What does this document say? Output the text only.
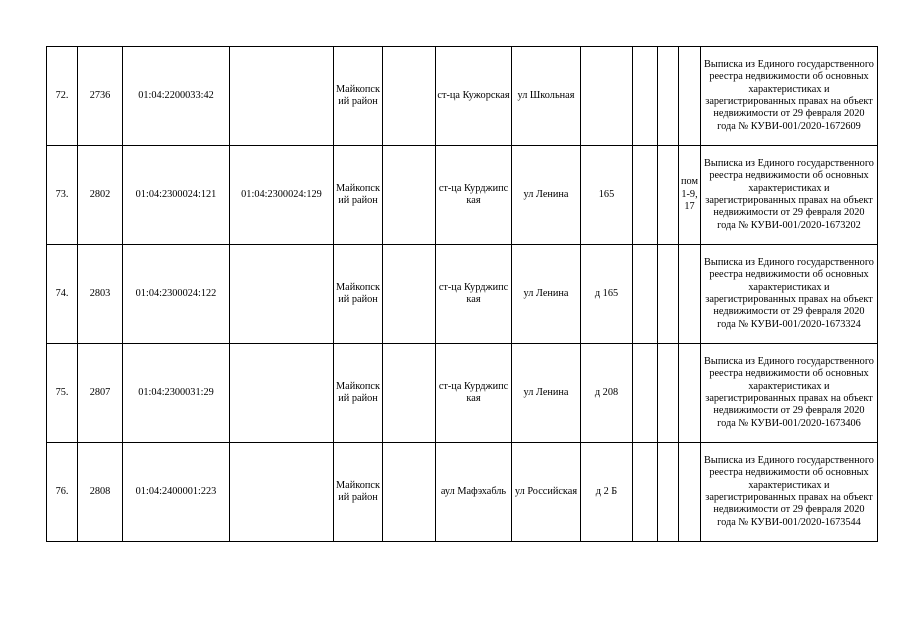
72.	2736	01:04:2200033:42		Майкопский район		ст-ца Кужорская	ул Школьная					Выписка из Единого государственного реестра недвижимости об основных характеристиках и зарегистрированных правах на объект недвижимости от 29 февраля 2020 года № КУВИ-001/2020-1672609
73.	2802	01:04:2300024:121	01:04:2300024:129	Майкопский район		ст-ца Курджипская	ул Ленина	165			пом 1-9, 17	Выписка из Единого государственного реестра недвижимости об основных характеристиках и зарегистрированных правах на объект недвижимости от 29 февраля 2020 года № КУВИ-001/2020-1673202
74.	2803	01:04:2300024:122		Майкопский район		ст-ца Курджипская	ул Ленина	д 165				Выписка из Единого государственного реестра недвижимости об основных характеристиках и зарегистрированных правах на объект недвижимости от 29 февраля 2020 года № КУВИ-001/2020-1673324
75.	2807	01:04:2300031:29		Майкопский район		ст-ца Курджипская	ул Ленина	д 208				Выписка из Единого государственного реестра недвижимости об основных характеристиках и зарегистрированных правах на объект недвижимости от 29 февраля 2020 года № КУВИ-001/2020-1673406
76.	2808	01:04:2400001:223		Майкопский район		аул Мафэхабль	ул Российская	д 2 Б				Выписка из Единого государственного реестра недвижимости об основных характеристиках и зарегистрированных правах на объект недвижимости от 29 февраля 2020 года № КУВИ-001/2020-1673544
